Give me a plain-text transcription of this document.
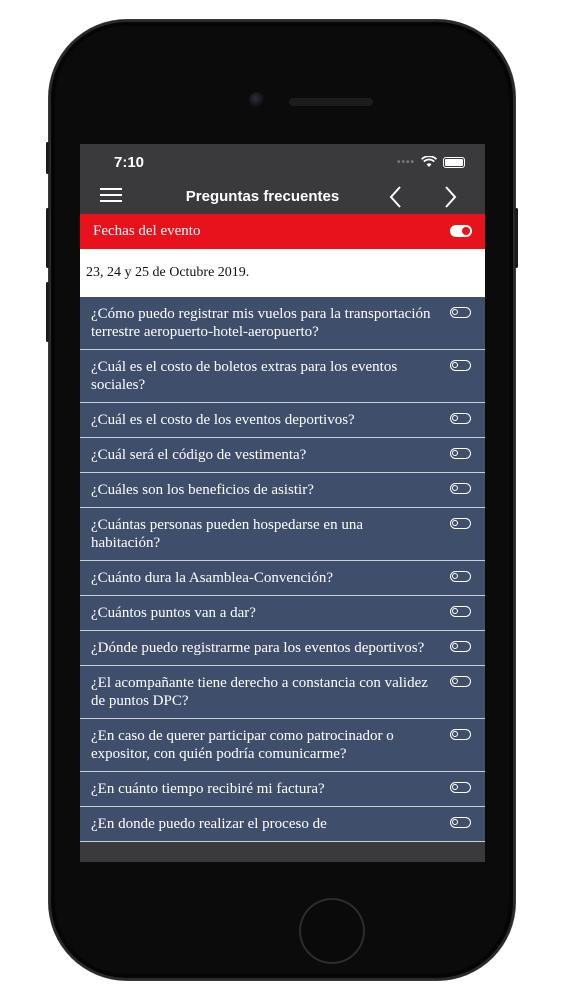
7:10	••••
Preguntas frecuentes
Fechas del evento
23, 24 y 25 de Octubre 2019.
¿Cómo puedo registrar mis vuelos para la transportación terrestre aeropuerto-hotel-aeropuerto?
¿Cuál es el costo de boletos extras para los eventos sociales?
¿Cuál es el costo de los eventos deportivos?
¿Cuál será el código de vestimenta?
¿Cuáles son los beneficios de asistir?
¿Cuántas personas pueden hospedarse en una habitación?
¿Cuánto dura la Asamblea-Convención?
¿Cuántos puntos van a dar?
¿Dónde puedo registrarme para los eventos deportivos?
¿El acompañante tiene derecho a constancia con validez de puntos DPC?
¿En caso de querer participar como patrocinador o expositor, con quién podría comunicarme?
¿En cuánto tiempo recibiré mi factura?
¿En donde puedo realizar el proceso de
